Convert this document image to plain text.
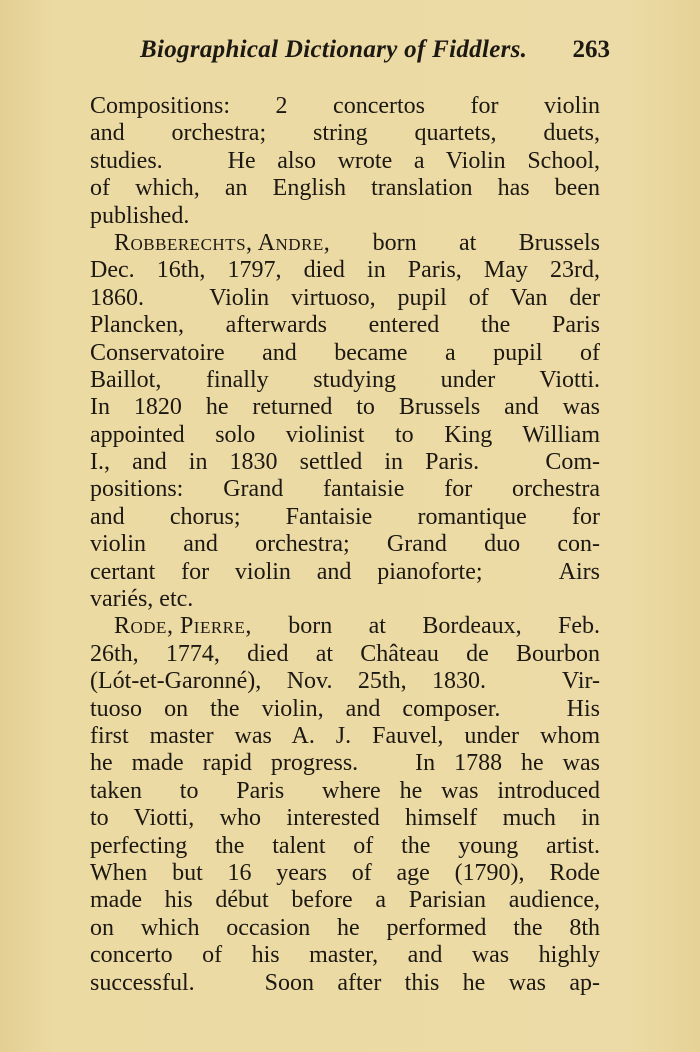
Biographical Dictionary of Fiddlers. 263
Compositions:  2  concertos  for  violin
and  orchestra;  string  quartets,  duets,
studies.   He also wrote a Violin School,
of which, an English translation has been
published.
Robberechts, Andre, born at Brussels
Dec. 16th, 1797, died in Paris, May 23rd,
1860.   Violin virtuoso, pupil of Van der
Plancken,  afterwards  entered  the  Paris
Conservatoire  and  became  a  pupil  of
Baillot,  finally  studying  under  Viotti.
In 1820 he returned to Brussels and was
appointed solo violinist to King William
I., and in 1830 settled in Paris.   Com-
positions: Grand fantaisie for orchestra
and  chorus;  Fantaisie  romantique  for
violin  and  orchestra;  Grand  duo  con-
certant for violin and pianoforte;   Airs
variés, etc.
Rode, Pierre, born at Bordeaux, Feb.
26th, 1774, died at Château de Bourbon
(Lót-et-Garonné), Nov. 25th, 1830.   Vir-
tuoso on the violin, and composer.   His
first master was A. J. Fauvel, under whom
he made rapid progress.   In 1788 he was
taken  to  Paris  where he was introduced
to Viotti, who interested himself much in
perfecting the talent of the young artist.
When but 16 years of age (1790), Rode
made his début before a Parisian audience,
on which occasion he performed the 8th
concerto of his master, and was highly
successful.   Soon after this he was ap-
